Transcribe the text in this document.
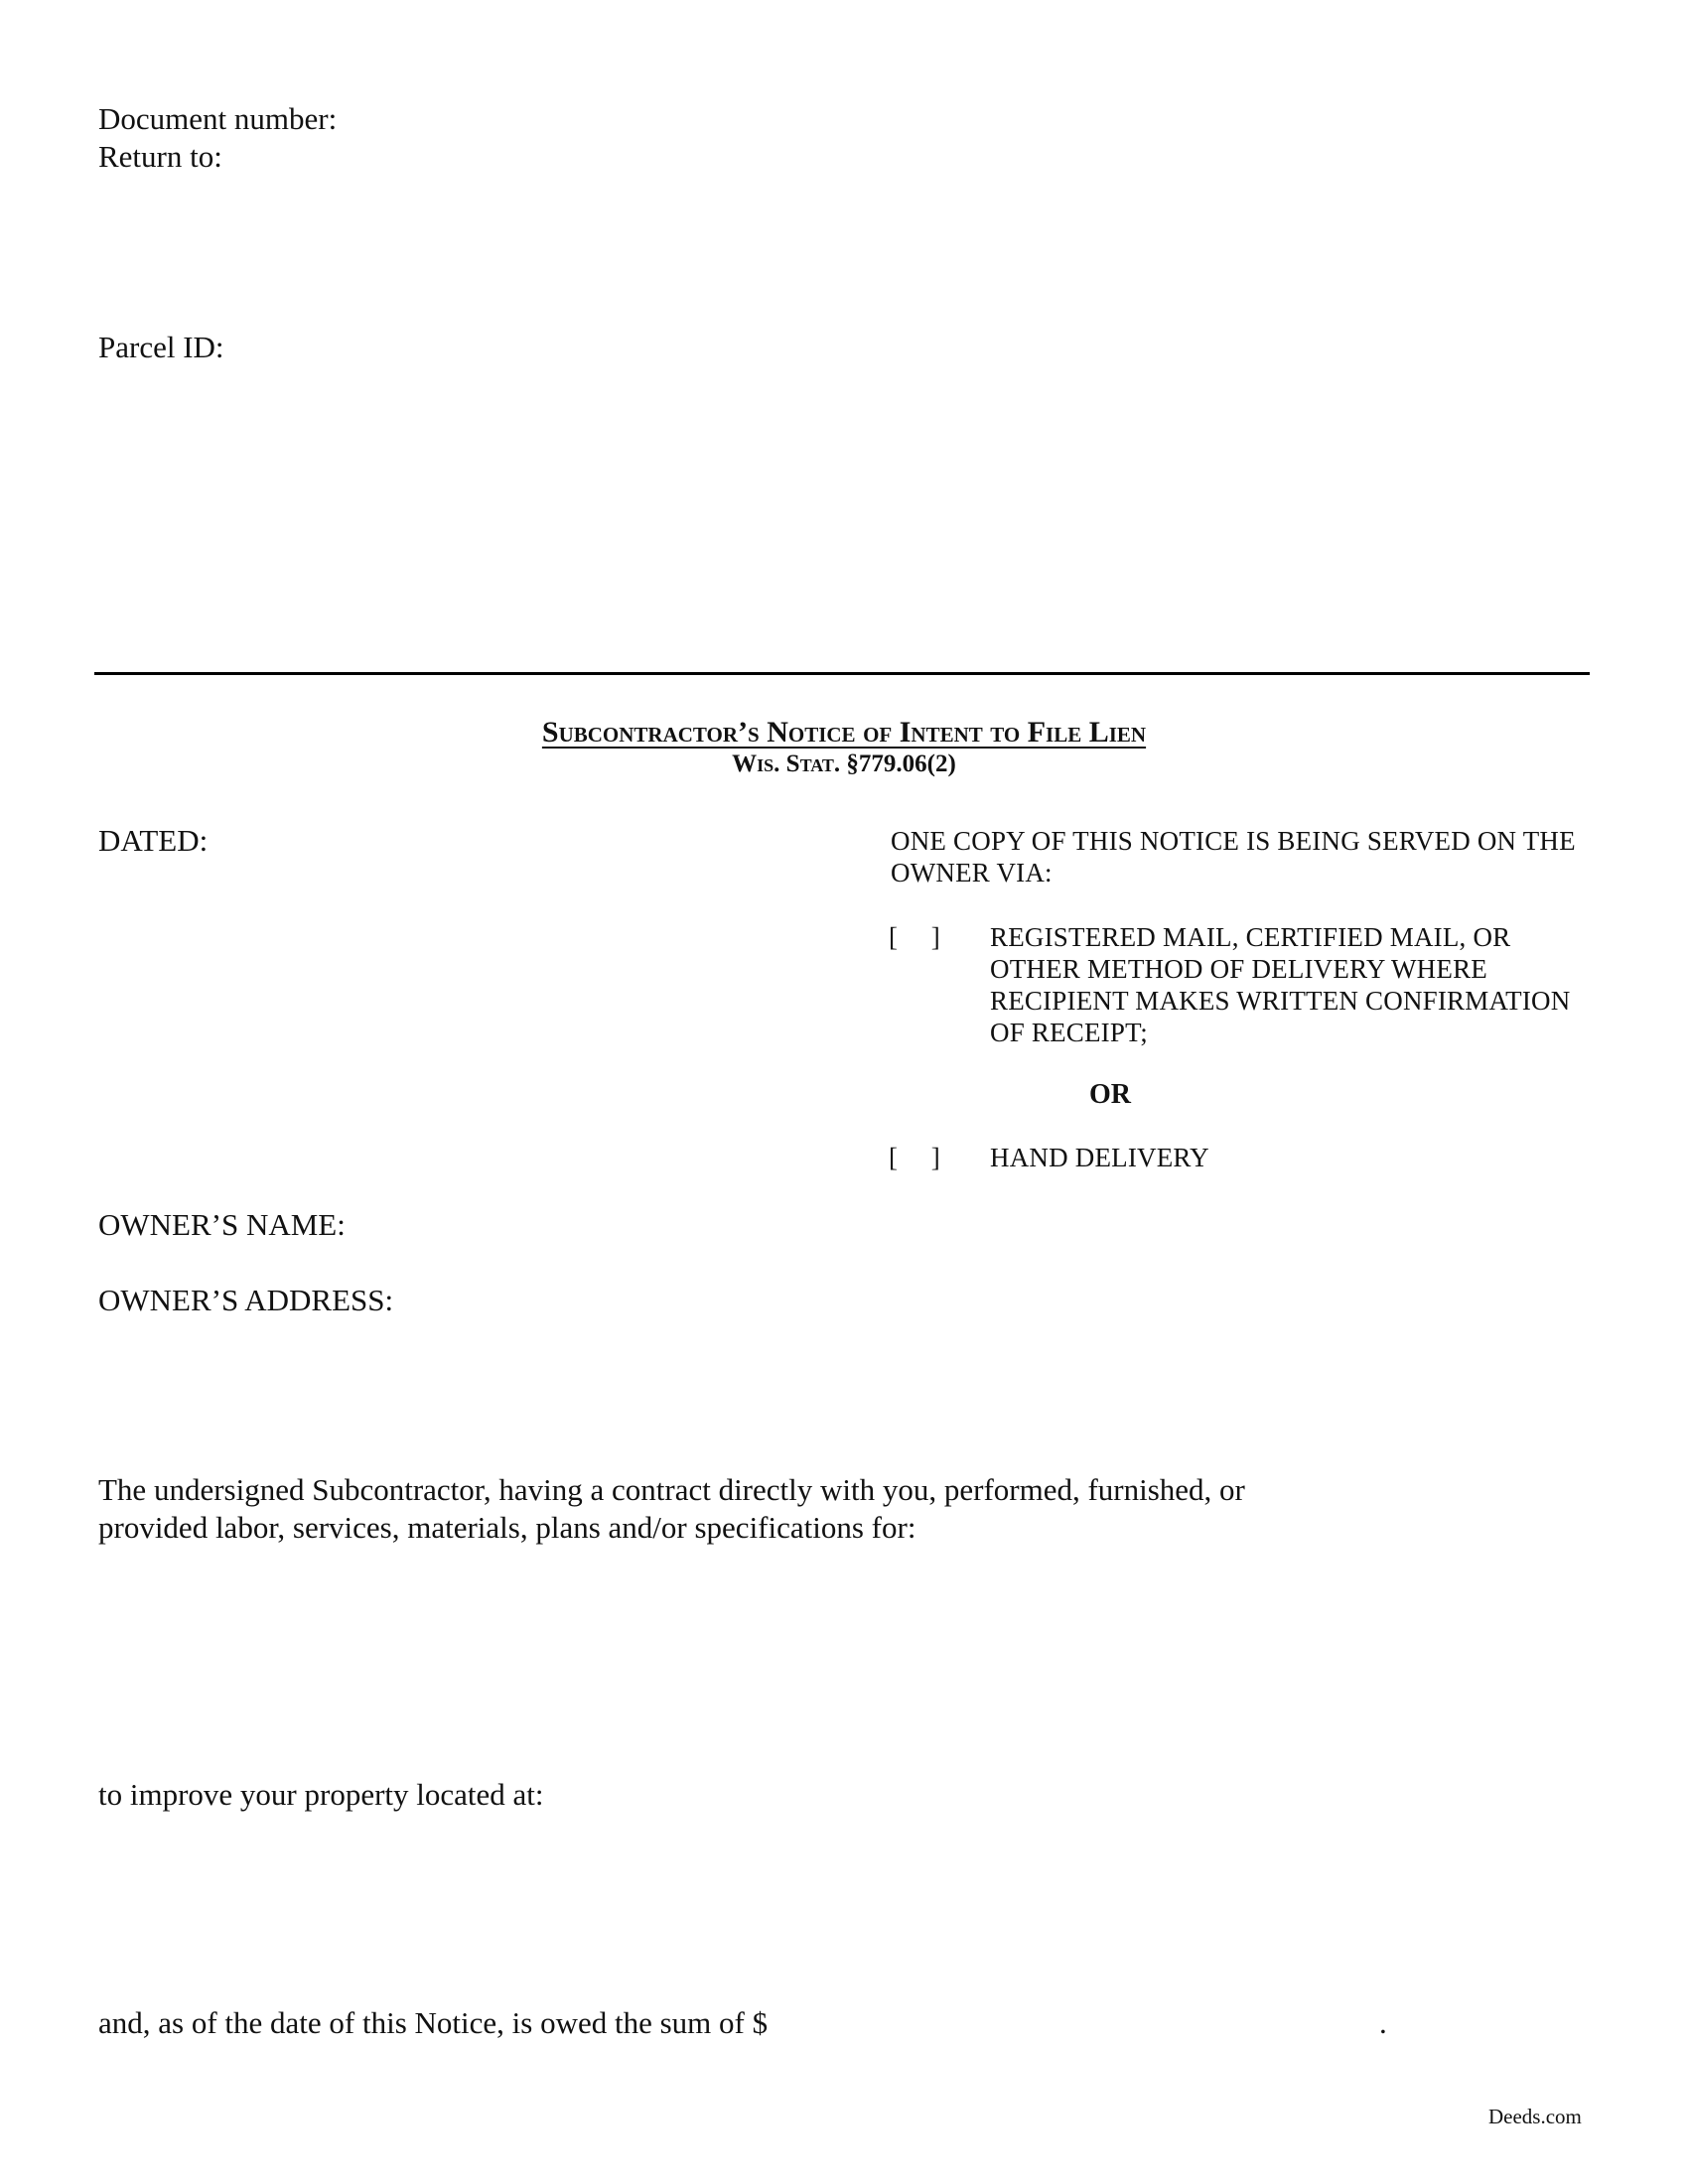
Document number:
Return to:
Parcel ID:
Subcontractor’s Notice of Intent to File Lien
Wis. Stat. §779.06(2)
DATED:
OWNER’S NAME:
OWNER’S ADDRESS:
ONE COPY OF THIS NOTICE IS BEING SERVED ON THE
OWNER VIA:
[     ] REGISTERED MAIL, CERTIFIED MAIL, OR
OTHER METHOD OF DELIVERY WHERE
RECIPIENT MAKES WRITTEN CONFIRMATION
OF RECEIPT;
OR
[     ] HAND DELIVERY
The undersigned Subcontractor, having a contract directly with you, performed, furnished, or
provided labor, services, materials, plans and/or specifications for:
to improve your property located at:
and, as of the date of this Notice, is owed the sum of $	.
Deeds.com
